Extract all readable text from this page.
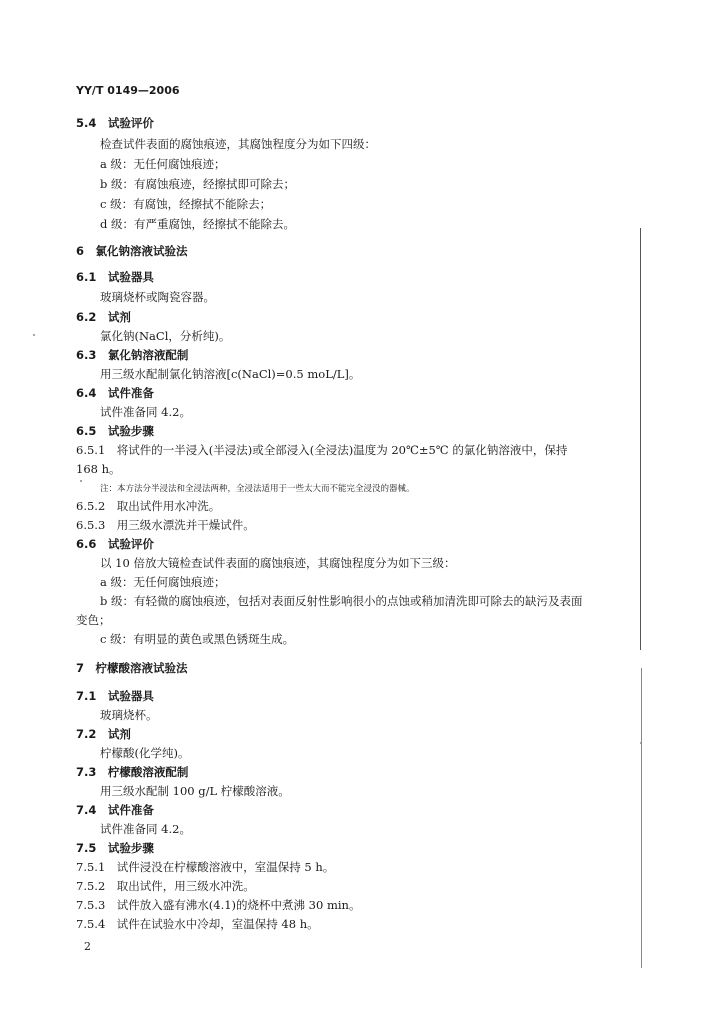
YY/T 0149—2006
5.4　试验评价
检查试件表面的腐蚀痕迹，其腐蚀程度分为如下四级：
a 级：无任何腐蚀痕迹；
b 级：有腐蚀痕迹，经擦拭即可除去；
c 级：有腐蚀，经擦拭不能除去；
d 级：有严重腐蚀，经擦拭不能除去。
6　氯化钠溶液试验法
6.1　试验器具
玻璃烧杯或陶瓷容器。
6.2　试剂
氯化钠(NaCl，分析纯)。
6.3　氯化钠溶液配制
用三级水配制氯化钠溶液[c(NaCl)=0.5 moL/L]。
6.4　试件准备
试件准备同 4.2。
6.5　试验步骤
6.5.1　将试件的一半浸入(半浸法)或全部浸入(全浸法)温度为 20℃±5℃ 的氯化钠溶液中，保持
168 h。
注：本方法分半浸法和全浸法两种，全浸法适用于一些太大而不能完全浸没的器械。
6.5.2　取出试件用水冲洗。
6.5.3　用三级水漂洗并干燥试件。
6.6　试验评价
以 10 倍放大镜检查试件表面的腐蚀痕迹，其腐蚀程度分为如下三级：
a 级：无任何腐蚀痕迹；
b 级：有轻微的腐蚀痕迹，包括对表面反射性影响很小的点蚀或稍加清洗即可除去的缺污及表面
变色；
c 级：有明显的黄色或黑色锈斑生成。
7　柠檬酸溶液试验法
7.1　试验器具
玻璃烧杯。
7.2　试剂
柠檬酸(化学纯)。
7.3　柠檬酸溶液配制
用三级水配制 100 g/L 柠檬酸溶液。
7.4　试件准备
试件准备同 4.2。
7.5　试验步骤
7.5.1　试件浸没在柠檬酸溶液中，室温保持 5 h。
7.5.2　取出试件，用三级水冲洗。
7.5.3　试件放入盛有沸水(4.1)的烧杯中煮沸 30 min。
7.5.4　试件在试验水中冷却，室温保持 48 h。
2
